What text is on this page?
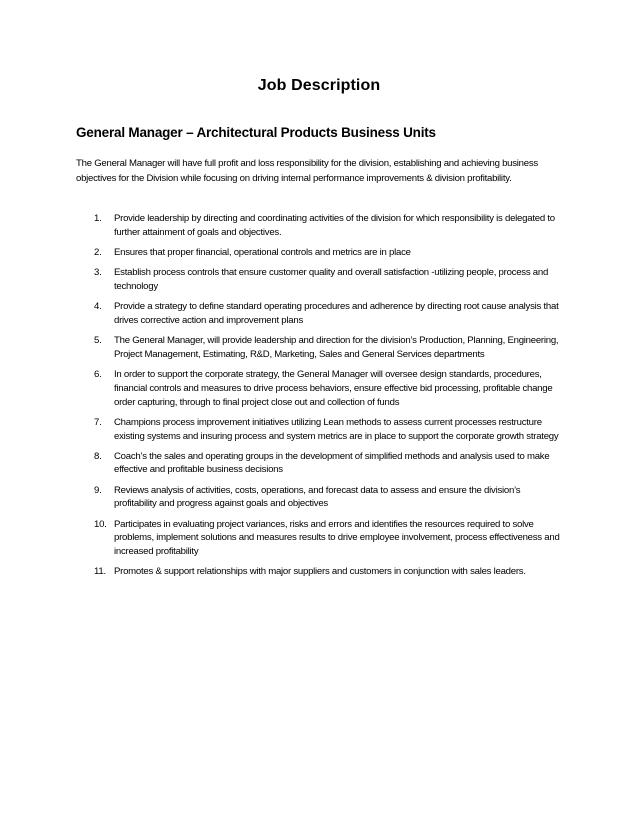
Job Description
General Manager – Architectural Products Business Units

The General Manager will have full profit and loss responsibility for the division, establishing and achieving business objectives for the Division while focusing on driving internal performance improvements & division profitability.

1.	Provide leadership by directing and coordinating activities of the division for which responsibility is delegated to further attainment of goals and objectives.
2.	Ensures that proper financial, operational controls and metrics are in place
3.	Establish process controls that ensure customer quality and overall satisfaction -utilizing people, process and technology
4.	Provide a strategy to define standard operating procedures and adherence by directing root cause analysis that drives corrective action and improvement plans
5.	The General Manager, will provide leadership and direction for the division’s Production, Planning, Engineering, Project Management, Estimating, R&D, Marketing, Sales and General Services departments
6.	In order to support the corporate strategy, the General Manager will oversee design standards, procedures, financial controls and measures to drive process behaviors, ensure effective bid processing, profitable change order capturing, through to final project close out and collection of funds
7.	Champions process improvement initiatives utilizing Lean methods to assess current processes restructure existing systems and insuring process and system metrics are in place to support the corporate growth strategy
8.	Coach’s the sales and operating groups in the development of simplified methods and analysis used to make effective and profitable business decisions
9.	Reviews analysis of activities, costs, operations, and forecast data to assess and ensure the division’s profitability and progress against goals and objectives
10. Participates in evaluating project variances, risks and errors and identifies the resources required to solve problems, implement solutions and measures results to drive employee involvement, process effectiveness and increased profitability
11. Promotes & support relationships with major suppliers and customers in conjunction with sales leaders.
